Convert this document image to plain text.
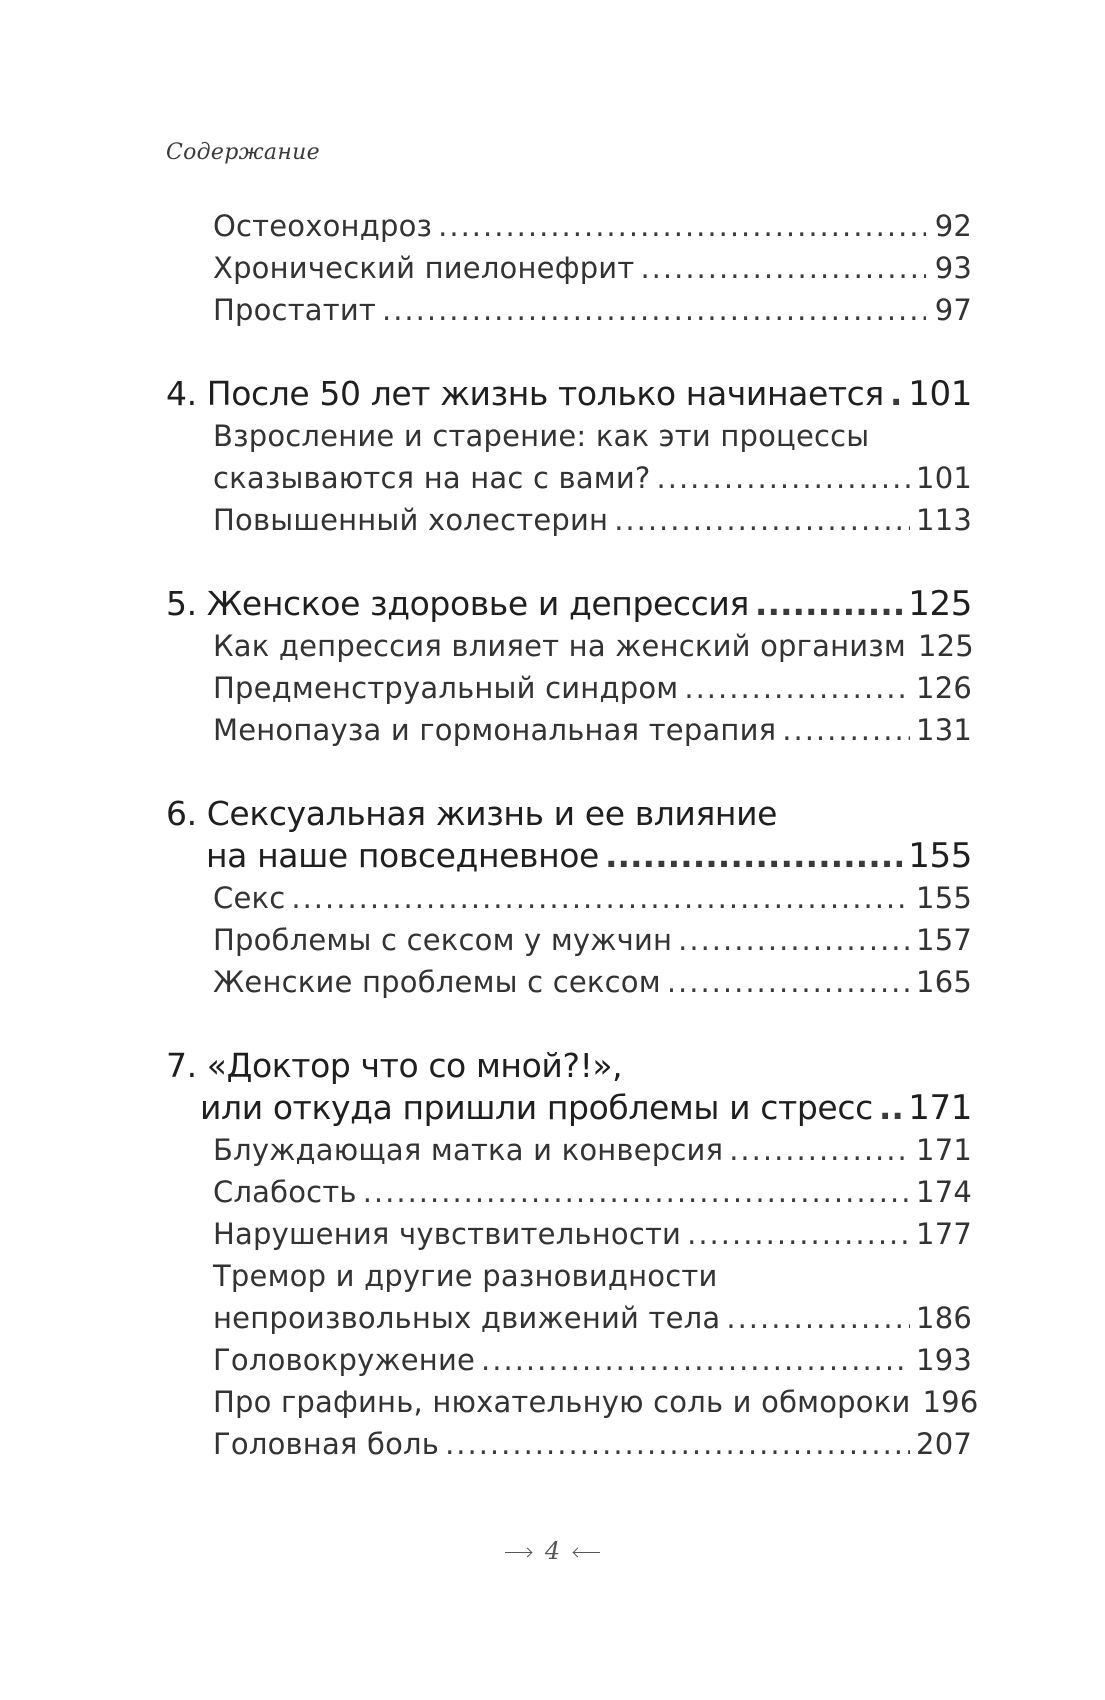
Содержание
Остеохондроз .....	92
Хронический пиелонефрит .....	93
Простатит .....	97
4. После 50 лет жизнь только начинается ..... 101
Взросление и старение: как эти процессы
сказываются на нас с вами? .....	101
Повышенный холестерин .....	113
5. Женское здоровье и депрессия .....	125
Как депрессия влияет на женский организм 125
Предменструальный синдром .....	126
Менопауза и гормональная терапия .....	131
6. Сексуальная жизнь и ее влияние
на наше повседневное .....	155
Секс .....	155
Проблемы с сексом у мужчин .....	157
Женские проблемы с сексом .....	165
7. «Доктор что со мной?!»,
или откуда пришли проблемы и стресс ..... 171
Блуждающая матка и конверсия .....	171
Слабость .....	174
Нарушения чувствительности .....	177
Тремор и другие разновидности
непроизвольных движений тела .....	186
Головокружение .....	193
Про графинь, нюхательную соль и обмороки 196
Головная боль .....	207
4
